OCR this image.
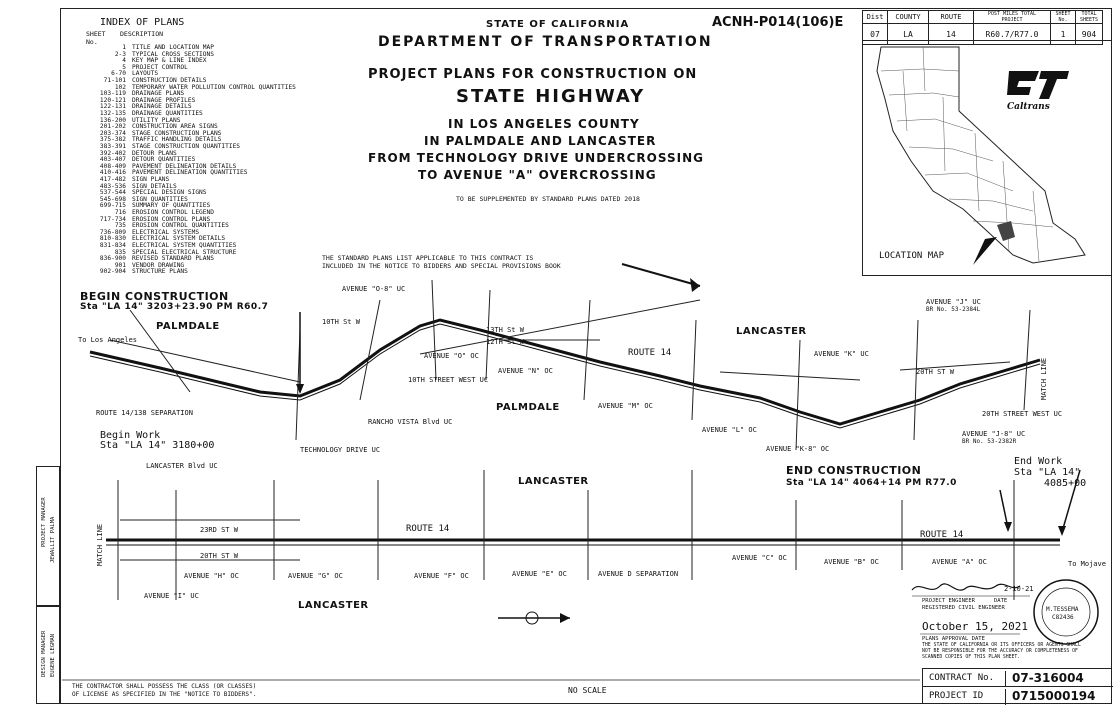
INDEX OF PLANS
SHEET DESCRIPTION
No.
1 TITLE AND LOCATION MAP
2-3 TYPICAL CROSS SECTIONS
4 KEY MAP & LINE INDEX
5 PROJECT CONTROL
6-70 LAYOUTS
71-101 CONSTRUCTION DETAILS
102 TEMPORARY WATER POLLUTION CONTROL QUANTITIES
103-119 DRAINAGE PLANS
120-121 DRAINAGE PROFILES
122-131 DRAINAGE DETAILS
132-135 DRAINAGE QUANTITIES
136-200 UTILITY PLANS
201-202 CONSTRUCTION AREA SIGNS
203-374 STAGE CONSTRUCTION PLANS
375-382 TRAFFIC HANDLING DETAILS
383-391 STAGE CONSTRUCTION QUANTITIES
392-402 DETOUR PLANS
403-407 DETOUR QUANTITIES
408-409 PAVEMENT DELINEATION DETAILS
410-416 PAVEMENT DELINEATION QUANTITIES
417-482 SIGN PLANS
483-536 SIGN DETAILS
537-544 SPECIAL DESIGN SIGNS
545-698 SIGN QUANTITIES
699-715 SUMMARY OF QUANTITIES
716 EROSION CONTROL LEGEND
717-734 EROSION CONTROL PLANS
735 EROSION CONTROL QUANTITIES
736-809 ELECTRICAL SYSTEMS
810-830 ELECTRICAL SYSTEM DETAILS
831-834 ELECTRICAL SYSTEM QUANTITIES
835 SPECIAL ELECTRICAL STRUCTURE
836-900 REVISED STANDARD PLANS
901 VENDOR DRAWING
902-904 STRUCTURE PLANS
STATE OF CALIFORNIA	ACNH-P014(106)E
DEPARTMENT OF TRANSPORTATION
PROJECT PLANS FOR CONSTRUCTION ON
STATE HIGHWAY
IN LOS ANGELES COUNTY
IN PALMDALE AND LANCASTER
FROM TECHNOLOGY DRIVE UNDERCROSSING
TO AVENUE "A" OVERCROSSING
TO BE SUPPLEMENTED BY STANDARD PLANS DATED 2018
THE STANDARD PLANS LIST APPLICABLE TO THIS CONTRACT IS
INCLUDED IN THE NOTICE TO BIDDERS AND SPECIAL PROVISIONS BOOK
Dist	COUNTY	ROUTE	POST MILES TOTAL PROJECT	SHEET No.	TOTAL SHEETS
07	LA	14	R60.7/R77.0	1	904
Caltrans
LOCATION MAP
BEGIN CONSTRUCTION
Sta "LA 14" 3203+23.90 PM R60.7
PALMDALE
To Los Angeles
ROUTE 14/138 SEPARATION
Begin Work
Sta "LA 14" 3180+00	TECHNOLOGY DRIVE UC
AVENUE "O-8" UC
10TH St W
10TH STREET WEST UC
AVENUE "O" OC
AVENUE "N" OC
RANCHO VISTA Blvd UC
PALMDALE	AVENUE "M" OC
13TH St W
12TH St W
ROUTE 14
LANCASTER
AVENUE "L" OC
AVENUE "K-8" OC
AVENUE "K" UC
AVENUE "J" UC
BR No. 53-2384L
20TH ST W
20TH STREET WEST UC
AVENUE "J-8" UC
BR No. 53-2382R
MATCH LINE
LANCASTER Blvd UC
LANCASTER
23RD ST W
20TH ST W
ROUTE 14
AVENUE "H" OC	AVENUE "G" OC	AVENUE "F" OC	AVENUE "E" OC	AVENUE D SEPARATION
AVENUE "C" OC	AVENUE "B" OC	AVENUE "A" OC
AVENUE "I" UC
LANCASTER
MATCH LINE	ROUTE 14
END CONSTRUCTION
Sta "LA 14" 4064+14 PM R77.0
End Work
Sta "LA 14"
4085+00
To Mojave
PROJECT ENGINEER
REGISTERED CIVIL ENGINEER
DATE
2-10-21
October 15, 2021
PLANS APPROVAL DATE
THE STATE OF CALIFORNIA OR ITS OFFICERS OR AGENTS SHALL NOT BE RESPONSIBLE FOR THE ACCURACY OR COMPLETENESS OF SCANNED COPIES OF THIS PLAN SHEET.
M.TESSEMA
C82436
CONTRACT No.	07-316004
PROJECT ID	0715000194
THE CONTRACTOR SHALL POSSESS THE CLASS (OR CLASSES)
OF LICENSE AS SPECIFIED IN THE "NOTICE TO BIDDERS".	NO SCALE
PROJECT MANAGER JEWALLIT PALMA
DESIGN MANAGER EUGENE LEGMAN
